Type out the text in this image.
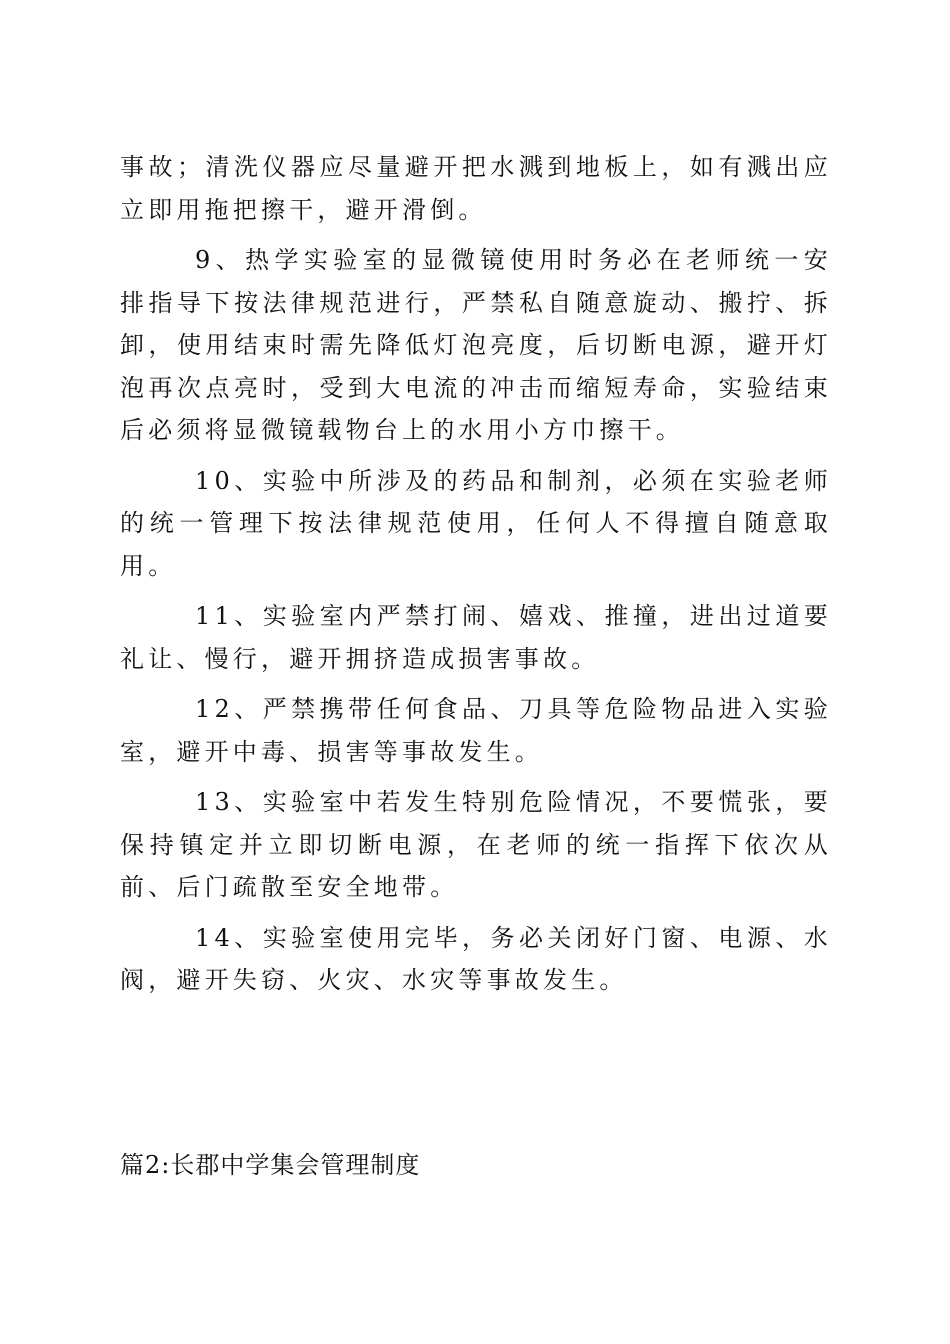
事故；清洗仪器应尽量避开把水溅到地板上，如有溅出应立即用拖把擦干，避开滑倒。

9、热学实验室的显微镜使用时务必在老师统一安排指导下按法律规范进行，严禁私自随意旋动、搬拧、拆卸，使用结束时需先降低灯泡亮度，后切断电源，避开灯泡再次点亮时，受到大电流的冲击而缩短寿命，实验结束后必须将显微镜载物台上的水用小方巾擦干。

10、实验中所涉及的药品和制剂，必须在实验老师的统一管理下按法律规范使用，任何人不得擅自随意取用。

11、实验室内严禁打闹、嬉戏、推撞，进出过道要礼让、慢行，避开拥挤造成损害事故。

12、严禁携带任何食品、刀具等危险物品进入实验室，避开中毒、损害等事故发生。

13、实验室中若发生特别危险情况，不要慌张，要保持镇定并立即切断电源，在老师的统一指挥下依次从前、后门疏散至安全地带。

14、实验室使用完毕，务必关闭好门窗、电源、水阀，避开失窃、火灾、水灾等事故发生。

篇2:长郡中学集会管理制度
